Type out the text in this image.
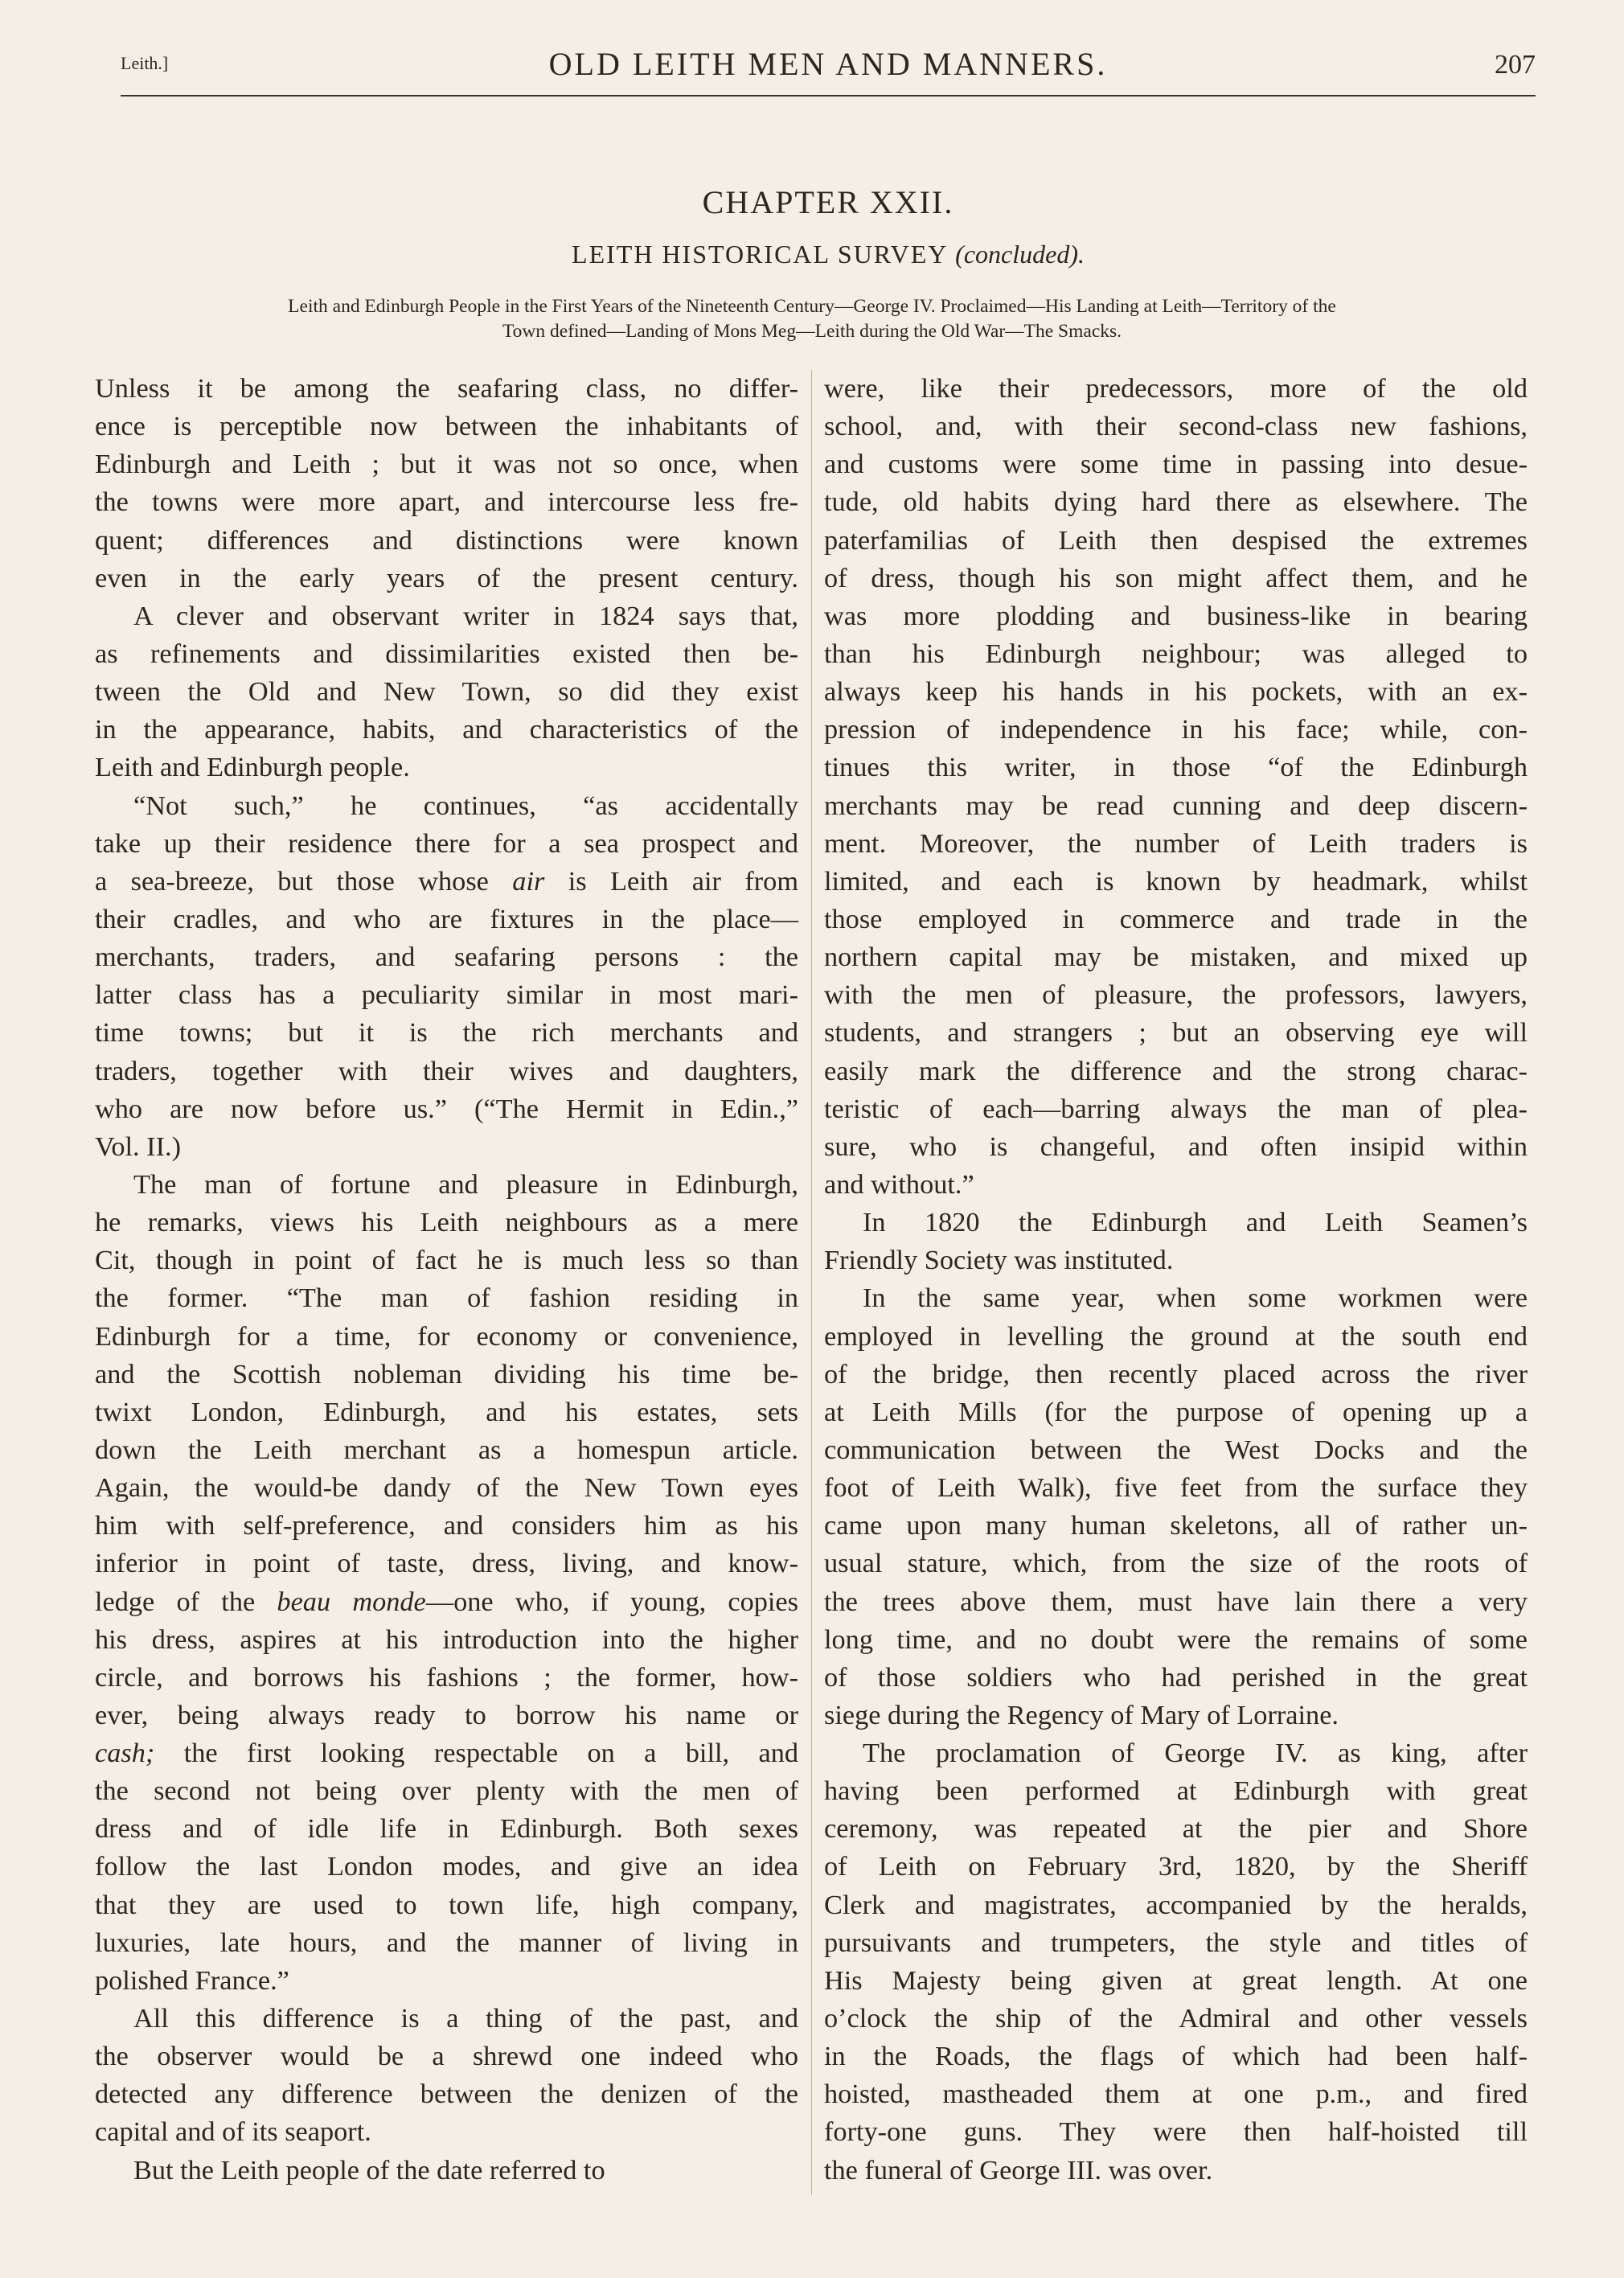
Leith.]	OLD LEITH MEN AND MANNERS.	207
CHAPTER XXII.
LEITH HISTORICAL SURVEY (concluded).
Leith and Edinburgh People in the First Years of the Nineteenth Century—George IV. Proclaimed—His Landing at Leith—Territory of the
Town defined—Landing of Mons Meg—Leith during the Old War—The Smacks.
Unless it be among the seafaring class, no differ-
ence is perceptible now between the inhabitants of
Edinburgh and Leith ; but it was not so once, when
the towns were more apart, and intercourse less fre-
quent; differences and distinctions were known
even in the early years of the present century.
A clever and observant writer in 1824 says that,
as refinements and dissimilarities existed then be-
tween the Old and New Town, so did they exist
in the appearance, habits, and characteristics of the
Leith and Edinburgh people.
“Not such,” he continues, “as accidentally
take up their residence there for a sea prospect and
a sea-breeze, but those whose air is Leith air from
their cradles, and who are fixtures in the place—
merchants, traders, and seafaring persons : the
latter class has a peculiarity similar in most mari-
time towns; but it is the rich merchants and
traders, together with their wives and daughters,
who are now before us.” (“The Hermit in Edin.,”
Vol. II.)
The man of fortune and pleasure in Edinburgh,
he remarks, views his Leith neighbours as a mere
Cit, though in point of fact he is much less so than
the former. “The man of fashion residing in
Edinburgh for a time, for economy or convenience,
and the Scottish nobleman dividing his time be-
twixt London, Edinburgh, and his estates, sets
down the Leith merchant as a homespun article.
Again, the would-be dandy of the New Town eyes
him with self-preference, and considers him as his
inferior in point of taste, dress, living, and know-
ledge of the beau monde—one who, if young, copies
his dress, aspires at his introduction into the higher
circle, and borrows his fashions ; the former, how-
ever, being always ready to borrow his name or
cash; the first looking respectable on a bill, and
the second not being over plenty with the men of
dress and of idle life in Edinburgh. Both sexes
follow the last London modes, and give an idea
that they are used to town life, high company,
luxuries, late hours, and the manner of living in
polished France.”
All this difference is a thing of the past, and
the observer would be a shrewd one indeed who
detected any difference between the denizen of the
capital and of its seaport.
But the Leith people of the date referred to
were, like their predecessors, more of the old
school, and, with their second-class new fashions,
and customs were some time in passing into desue-
tude, old habits dying hard there as elsewhere. The
paterfamilias of Leith then despised the extremes
of dress, though his son might affect them, and he
was more plodding and business-like in bearing
than his Edinburgh neighbour; was alleged to
always keep his hands in his pockets, with an ex-
pression of independence in his face; while, con-
tinues this writer, in those “of the Edinburgh
merchants may be read cunning and deep discern-
ment. Moreover, the number of Leith traders is
limited, and each is known by headmark, whilst
those employed in commerce and trade in the
northern capital may be mistaken, and mixed up
with the men of pleasure, the professors, lawyers,
students, and strangers ; but an observing eye will
easily mark the difference and the strong charac-
teristic of each—barring always the man of plea-
sure, who is changeful, and often insipid within
and without.”
In 1820 the Edinburgh and Leith Seamen’s
Friendly Society was instituted.
In the same year, when some workmen were
employed in levelling the ground at the south end
of the bridge, then recently placed across the river
at Leith Mills (for the purpose of opening up a
communication between the West Docks and the
foot of Leith Walk), five feet from the surface they
came upon many human skeletons, all of rather un-
usual stature, which, from the size of the roots of
the trees above them, must have lain there a very
long time, and no doubt were the remains of some
of those soldiers who had perished in the great
siege during the Regency of Mary of Lorraine.
The proclamation of George IV. as king, after
having been performed at Edinburgh with great
ceremony, was repeated at the pier and Shore
of Leith on February 3rd, 1820, by the Sheriff
Clerk and magistrates, accompanied by the heralds,
pursuivants and trumpeters, the style and titles of
His Majesty being given at great length. At one
o’clock the ship of the Admiral and other vessels
in the Roads, the flags of which had been half-
hoisted, mastheaded them at one p.m., and fired
forty-one guns. They were then half-hoisted till
the funeral of George III. was over.
